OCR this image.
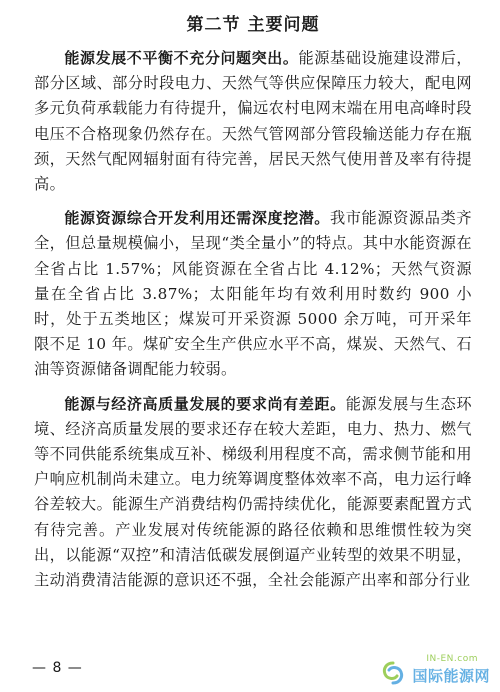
第二节 主要问题

能源发展不平衡不充分问题突出。能源基础设施建设滞后，部分区域、部分时段电力、天然气等供应保障压力较大，配电网多元负荷承载能力有待提升，偏远农村电网末端在用电高峰时段电压不合格现象仍然存在。天然气管网部分管段输送能力存在瓶颈，天然气配网辐射面有待完善，居民天然气使用普及率有待提高。

能源资源综合开发利用还需深度挖潜。我市能源资源品类齐全，但总量规模偏小，呈现“类全量小”的特点。其中水能资源在全省占比 1.57%；风能资源在全省占比 4.12%；天然气资源量在全省占比 3.87%；太阳能年均有效利用时数约 900 小时，处于五类地区；煤炭可开采资源 5000 余万吨，可开采年限不足 10 年。煤矿安全生产供应水平不高，煤炭、天然气、石油等资源储备调配能力较弱。

能源与经济高质量发展的要求尚有差距。能源发展与生态环境、经济高质量发展的要求还存在较大差距，电力、热力、燃气等不同供能系统集成互补、梯级利用程度不高，需求侧节能和用户响应机制尚未建立。电力统筹调度整体效率不高，电力运行峰谷差较大。能源生产消费结构仍需持续优化，能源要素配置方式有待完善。产业发展对传统能源的路径依赖和思维惯性较为突出，以能源“双控”和清洁低碳发展倒逼产业转型的效果不明显，主动消费清洁能源的意识还不强，全社会能源产出率和部分行业

— 8 —
IN-EN.com
国际能源网
